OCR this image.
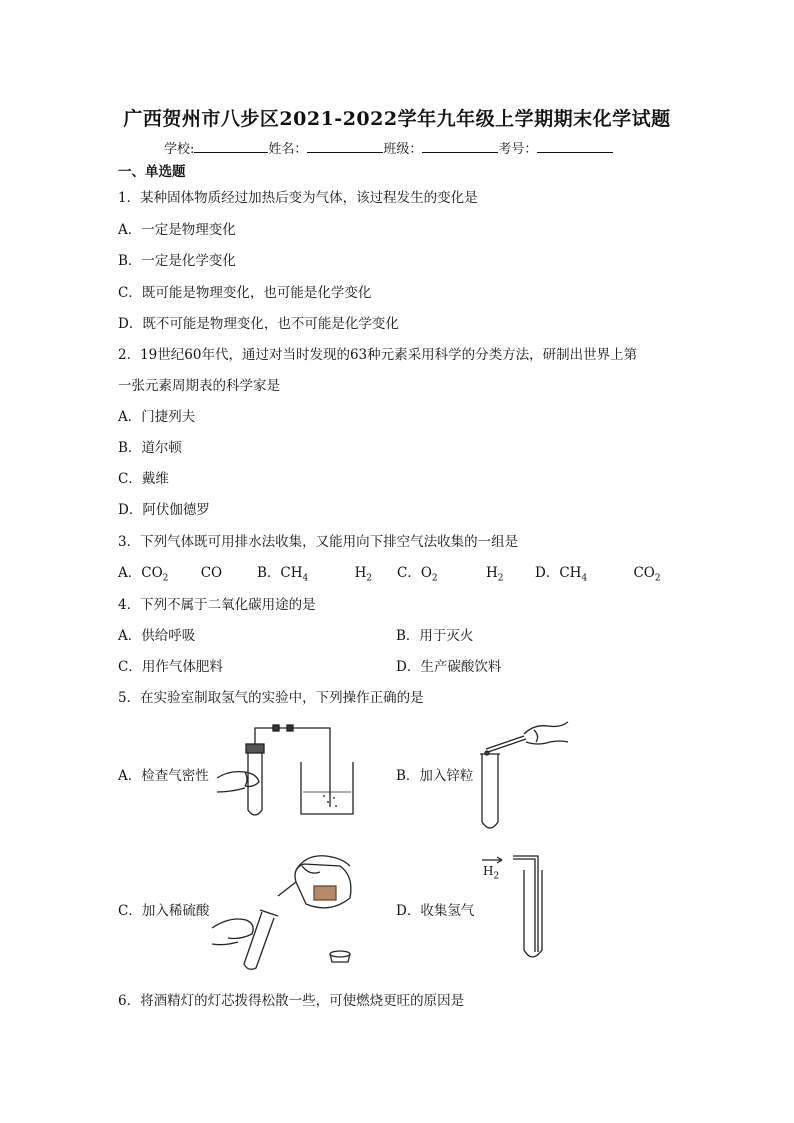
广西贺州市八步区2021-2022学年九年级上学期期末化学试题
学校:	姓名：	班级：	考号：
一、单选题
1．某种固体物质经过加热后变为气体，该过程发生的变化是
A．一定是物理变化
B．一定是化学变化
C．既可能是物理变化，也可能是化学变化
D．既不可能是物理变化，也不可能是化学变化
2．19世纪60年代，通过对当时发现的63种元素采用科学的分类方法，研制出世界上第
一张元素周期表的科学家是
A．门捷列夫
B．道尔顿
C．戴维
D．阿伏伽德罗
3．下列气体既可用排水法收集，又能用向下排空气法收集的一组是
A．$CO_2$ CO	B．$CH_4$	$H_2$ C．$O_2$	$H_2$ D．$CH_4$	$CO_2$
4．下列不属于二氧化碳用途的是
A．供给呼吸	B．用于灭火
C．用作气体肥料	D．生产碳酸饮料
5．在实验室制取氢气的实验中，下列操作正确的是
A．检查气密性	B．加入锌粒
C．加入稀硫酸	D．收集氢气
$H_2$
6．将酒精灯的灯芯拨得松散一些，可使燃烧更旺的原因是
